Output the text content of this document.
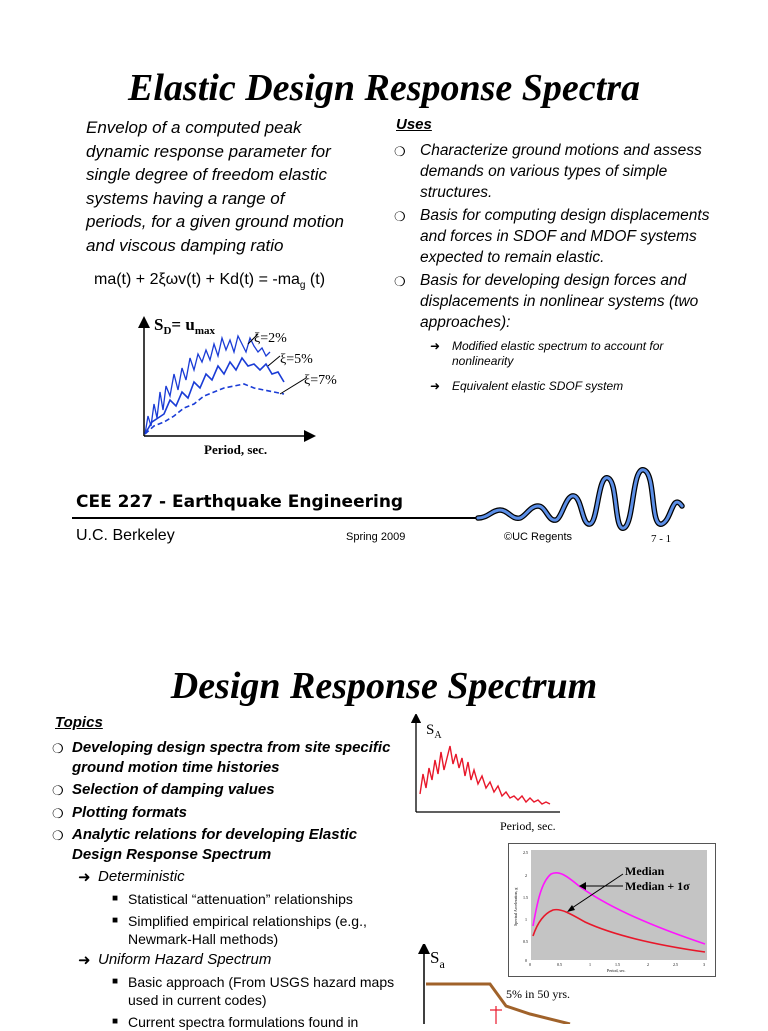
Elastic Design Response Spectra
Envelop of a computed peak
dynamic response parameter for
single degree of freedom elastic
systems having a range of
periods, for a given ground motion
and viscous damping ratio
$ma(t) + 2\xi\omega v(t) + Kd(t) = -ma_g$ (t)
$S_D= u_{max}$	ξ=2%
ξ=5%
ξ=7%
Period, sec.
Uses
❍ Characterize ground motions and assess demands on various types of simple structures.
❍ Basis for computing design displacements and forces in SDOF and MDOF systems expected to remain elastic.
❍ Basis for developing design forces and displacements in nonlinear systems (two approaches):
➜ Modified elastic spectrum to account for nonlinearity
➜ Equivalent elastic SDOF system
CEE 227 - Earthquake Engineering
U.C. Berkeley	Spring 2009	©UC Regents	7 - 1
Design Response Spectrum
Topics
❍ Developing design spectra from site specific ground motion time histories
❍ Selection of damping values
❍ Plotting formats
❍ Analytic relations for developing Elastic Design Response Spectrum
➜ Deterministic
■ Statistical “attenuation” relationships
■ Simplified empirical relationships (e.g., Newmark-Hall methods)
➜ Uniform Hazard Spectrum
■ Basic approach (From USGS hazard maps used in current codes)
■ Current spectra formulations found in
$S_A$
Period, sec.
2.5
2
1.5
1
0.5
0
0	0.5	1	1.5	2	2.5	3
Period, sec.
Spectral Acceleration, g
Median
Median + 1σ
$S_a$
5% in 50 yrs.
